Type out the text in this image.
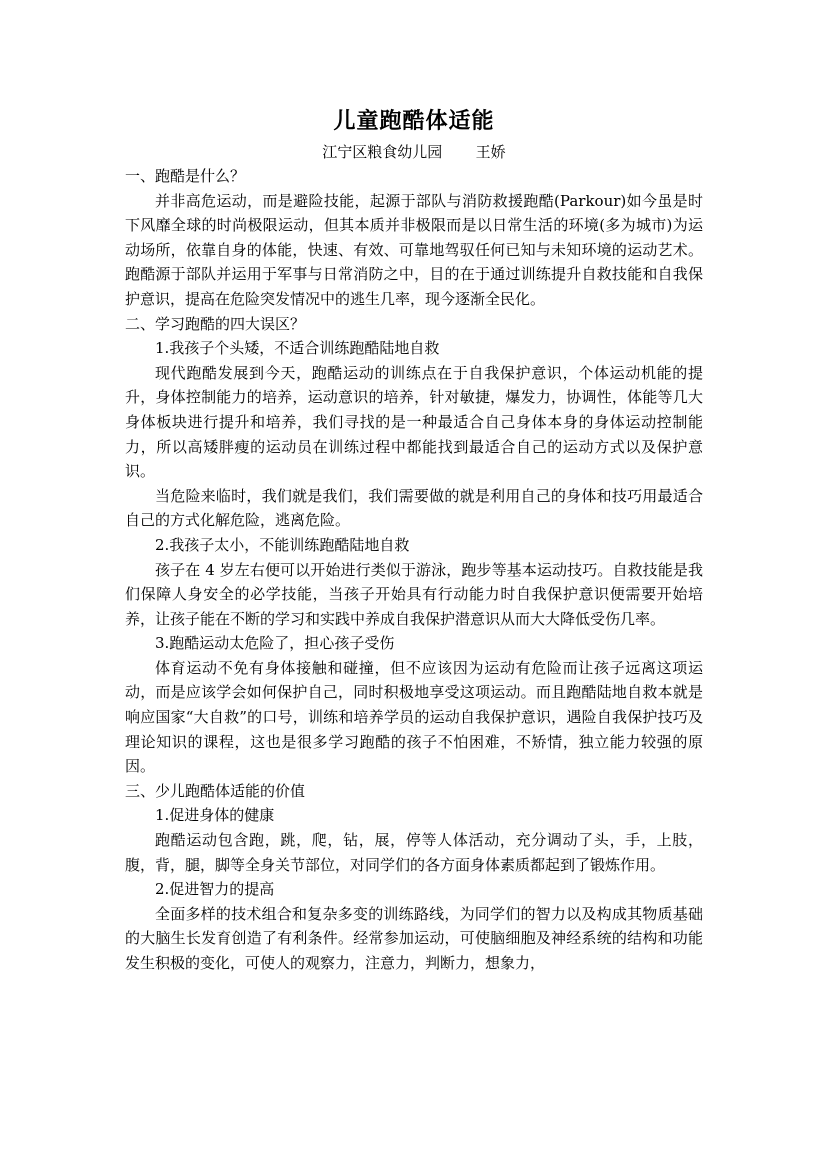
儿童跑酷体适能

江宁区粮食幼儿园       王娇

一、跑酷是什么？

并非高危运动，而是避险技能，起源于部队与消防救援跑酷(Parkour)如今虽是时下风靡全球的时尚极限运动，但其本质并非极限而是以日常生活的环境(多为城市)为运动场所，依靠自身的体能，快速、有效、可靠地驾驭任何已知与未知环境的运动艺术。跑酷源于部队并运用于军事与日常消防之中，目的在于通过训练提升自救技能和自我保护意识，提高在危险突发情况中的逃生几率，现今逐渐全民化。

二、学习跑酷的四大误区？

1.我孩子个头矮，不适合训练跑酷陆地自救

现代跑酷发展到今天，跑酷运动的训练点在于自我保护意识，个体运动机能的提升，身体控制能力的培养，运动意识的培养，针对敏捷，爆发力，协调性，体能等几大身体板块进行提升和培养，我们寻找的是一种最适合自己身体本身的身体运动控制能力，所以高矮胖瘦的运动员在训练过程中都能找到最适合自己的运动方式以及保护意识。

当危险来临时，我们就是我们，我们需要做的就是利用自己的身体和技巧用最适合自己的方式化解危险，逃离危险。

2.我孩子太小，不能训练跑酷陆地自救

孩子在 4 岁左右便可以开始进行类似于游泳，跑步等基本运动技巧。自救技能是我们保障人身安全的必学技能，当孩子开始具有行动能力时自我保护意识便需要开始培养，让孩子能在不断的学习和实践中养成自我保护潜意识从而大大降低受伤几率。

3.跑酷运动太危险了，担心孩子受伤

体育运动不免有身体接触和碰撞，但不应该因为运动有危险而让孩子远离这项运动，而是应该学会如何保护自己，同时积极地享受这项运动。而且跑酷陆地自救本就是响应国家“大自救”的口号，训练和培养学员的运动自我保护意识，遇险自我保护技巧及理论知识的课程，这也是很多学习跑酷的孩子不怕困难，不矫情，独立能力较强的原因。

三、少儿跑酷体适能的价值

1.促进身体的健康

跑酷运动包含跑，跳，爬，钻，展，停等人体活动，充分调动了头，手，上肢， 腹，背，腿，脚等全身关节部位，对同学们的各方面身体素质都起到了锻炼作用。

2.促进智力的提高

全面多样的技术组合和复杂多变的训练路线，为同学们的智力以及构成其物质基础的大脑生长发育创造了有利条件。经常参加运动，可使脑细胞及神经系统的结构和功能发生积极的变化，可使人的观察力，注意力，判断力，想象力，
